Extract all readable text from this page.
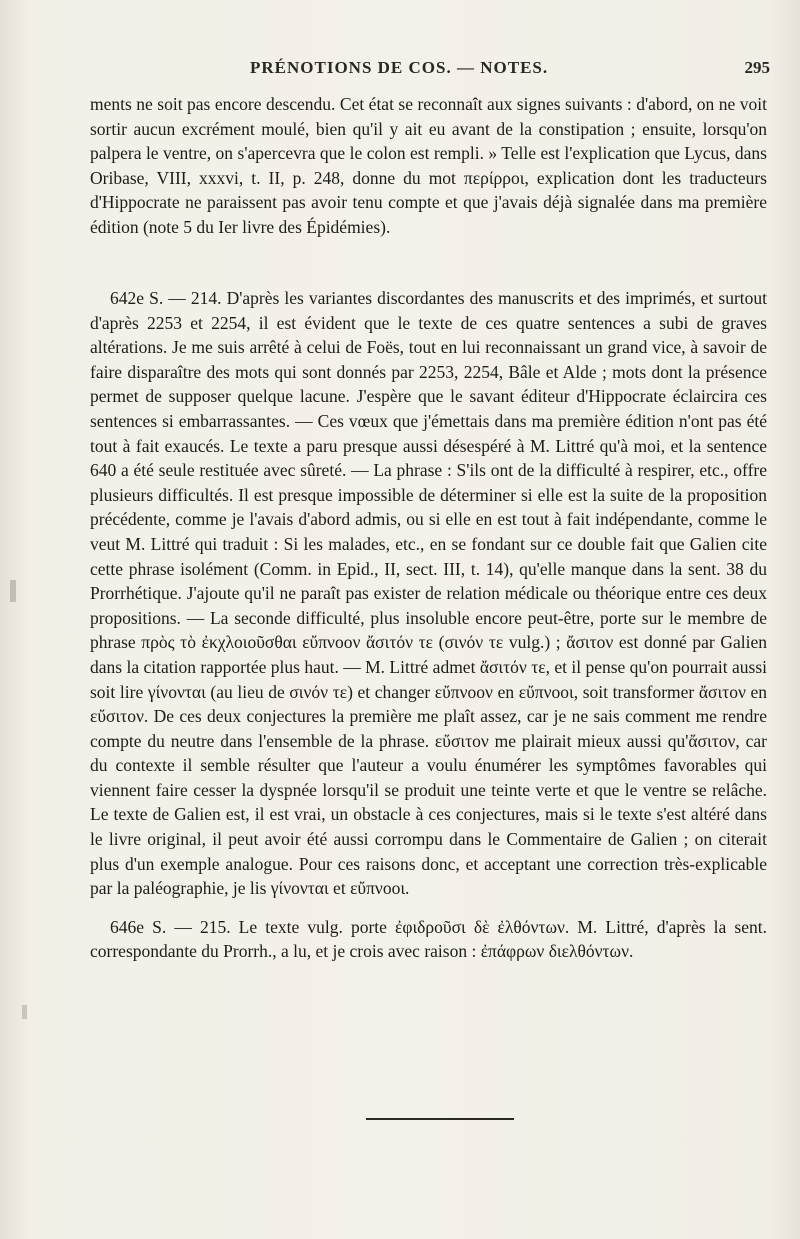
PRÉNOTIONS DE COS. — NOTES.	295

ments ne soit pas encore descendu. Cet état se reconnaît aux signes suivants : d'abord, on ne voit sortir aucun excrément moulé, bien qu'il y ait eu avant de la constipation ; ensuite, lorsqu'on palpera le ventre, on s'apercevra que le colon est rempli. » Telle est l'explication que Lycus, dans Oribase, VIII, xxxvi, t. II, p. 248, donne du mot περίρροι, explication dont les traducteurs d'Hippocrate ne paraissent pas avoir tenu compte et que j'avais déjà signalée dans ma première édition (note 5 du Ier livre des Épidémies).

642e S. — 214. D'après les variantes discordantes des manuscrits et des imprimés, et surtout d'après 2253 et 2254, il est évident que le texte de ces quatre sentences a subi de graves altérations. Je me suis arrêté à celui de Foës, tout en lui reconnaissant un grand vice, à savoir de faire disparaître des mots qui sont donnés par 2253, 2254, Bâle et Alde ; mots dont la présence permet de supposer quelque lacune. J'espère que le savant éditeur d'Hippocrate éclaircira ces sentences si embarrassantes. — Ces vœux que j'émettais dans ma première édition n'ont pas été tout à fait exaucés. Le texte a paru presque aussi désespéré à M. Littré qu'à moi, et la sentence 640 a été seule restituée avec sûreté. — La phrase : S'ils ont de la difficulté à respirer, etc., offre plusieurs difficultés. Il est presque impossible de déterminer si elle est la suite de la proposition précédente, comme je l'avais d'abord admis, ou si elle en est tout à fait indépendante, comme le veut M. Littré qui traduit : Si les malades, etc., en se fondant sur ce double fait que Galien cite cette phrase isolément (Comm. in Epid., II, sect. III, t. 14), qu'elle manque dans la sent. 38 du Prorrhétique. J'ajoute qu'il ne paraît pas exister de relation médicale ou théorique entre ces deux propositions. — La seconde difficulté, plus insoluble encore peut-être, porte sur le membre de phrase πρὸς τὸ ἐκχλοιοῦσθαι εὔπνοον ἄσιτόν τε (σινόν τε vulg.) ; ἄσιτον est donné par Galien dans la citation rapportée plus haut. — M. Littré admet ἄσιτόν τε, et il pense qu'on pourrait aussi soit lire γίνονται (au lieu de σινόν τε) et changer εὔπνοον en εὔπνοοι, soit transformer ἄσιτον en εὔσιτον. De ces deux conjectures la première me plaît assez, car je ne sais comment me rendre compte du neutre dans l'ensemble de la phrase. εὔσιτον me plairait mieux aussi qu'ἄσιτον, car du contexte il semble résulter que l'auteur a voulu énumérer les symptômes favorables qui viennent faire cesser la dyspnée lorsqu'il se produit une teinte verte et que le ventre se relâche. Le texte de Galien est, il est vrai, un obstacle à ces conjectures, mais si le texte s'est altéré dans le livre original, il peut avoir été aussi corrompu dans le Commentaire de Galien ; on citerait plus d'un exemple analogue. Pour ces raisons donc, et acceptant une correction très-explicable par la paléographie, je lis γίνονται et εὔπνοοι.

646e S. — 215. Le texte vulg. porte ἐφιδροῦσι δὲ ἐλθόντων. M. Littré, d'après la sent. correspondante du Prorrh., a lu, et je crois avec raison : ἐπάφρων διελθόντων.
